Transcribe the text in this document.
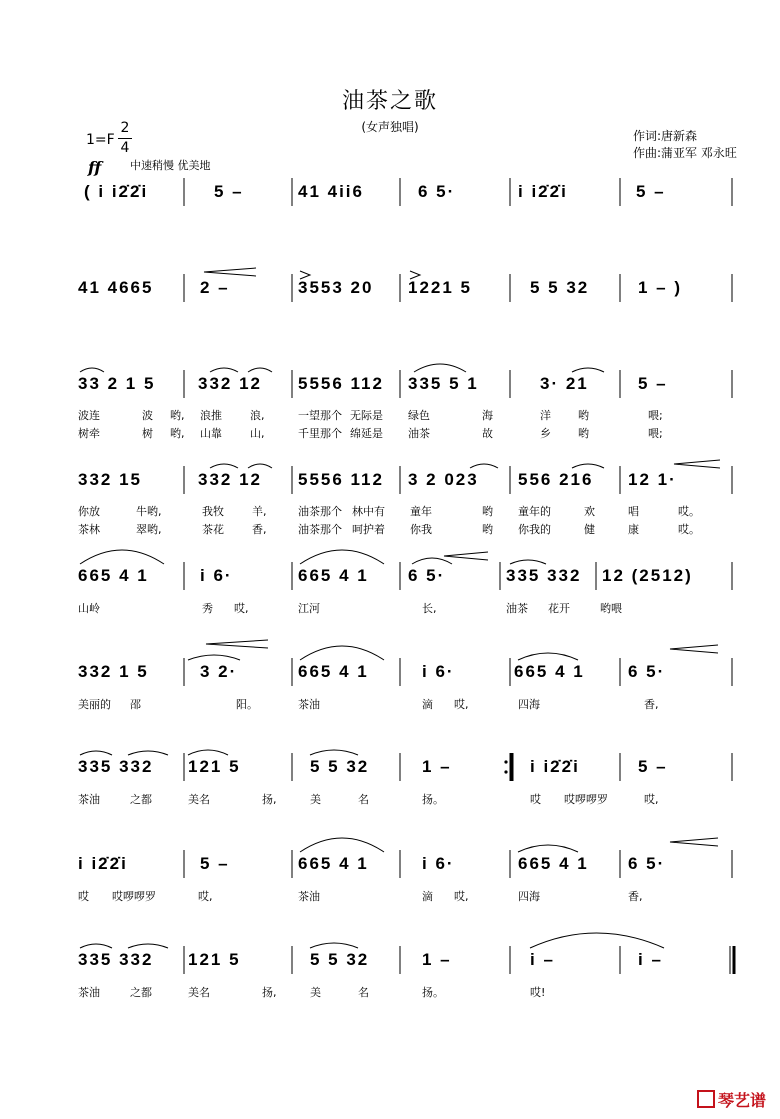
油茶之歌
(女声独唱)
作词:唐新森
作曲:蒲亚军 邓永旺
1=F
2
4
ff	中速稍慢 优美地
( i i2̇2̇i	5 –	41 4ii6	6 5·	i i2̇2̇i	5 –
41 4665	2 –	3553 20 1221 5	5 5 32	1 – )
33 2 1 5	332 12 5556 112 335 5 1	3· 21	5 –
波连	波 哟, 浪推	浪,	一望那个 无际是 绿色	海	洋 哟	喂;
树牵	树 哟, 山靠	山,	千里那个 绵延是 油茶	故	乡 哟	喂;
332 15	332 12 5556 112 3 2 023 556 216 12 1·
你放	牛哟,	我牧	羊,	油茶那个 林中有 童年	哟 童年的	欢	唱	哎。
茶林	翠哟,	茶花	香,	油茶那个 呵护着 你我	哟 你我的	健	康	哎。
665 4 1	i 6·	665 4 1 6 5·	335 332 12 (2512)
山岭	秀 哎,	江河	长,	油茶 花开	哟喂
332 1 5	3 2·	665 4 1	i 6·	665 4 1	6 5·
美丽的 邵	阳。	茶油	滴 哎,	四海	香,
335 332 121 5	5 5 32	1 –	i i2̇2̇i	5 –
茶油	之都	美名	扬,	美	名	扬。	哎 哎啰啰罗	哎,
i i2̇2̇i	5 –	665 4 1	i 6·	665 4 1 6 5·
哎 哎啰啰罗	哎,	茶油	滴 哎,	四海	香,
335 332 121 5	5 5 32	1 –	i –	i –
茶油	之都	美名	扬,	美	名	扬。	哎!
琴艺谱
